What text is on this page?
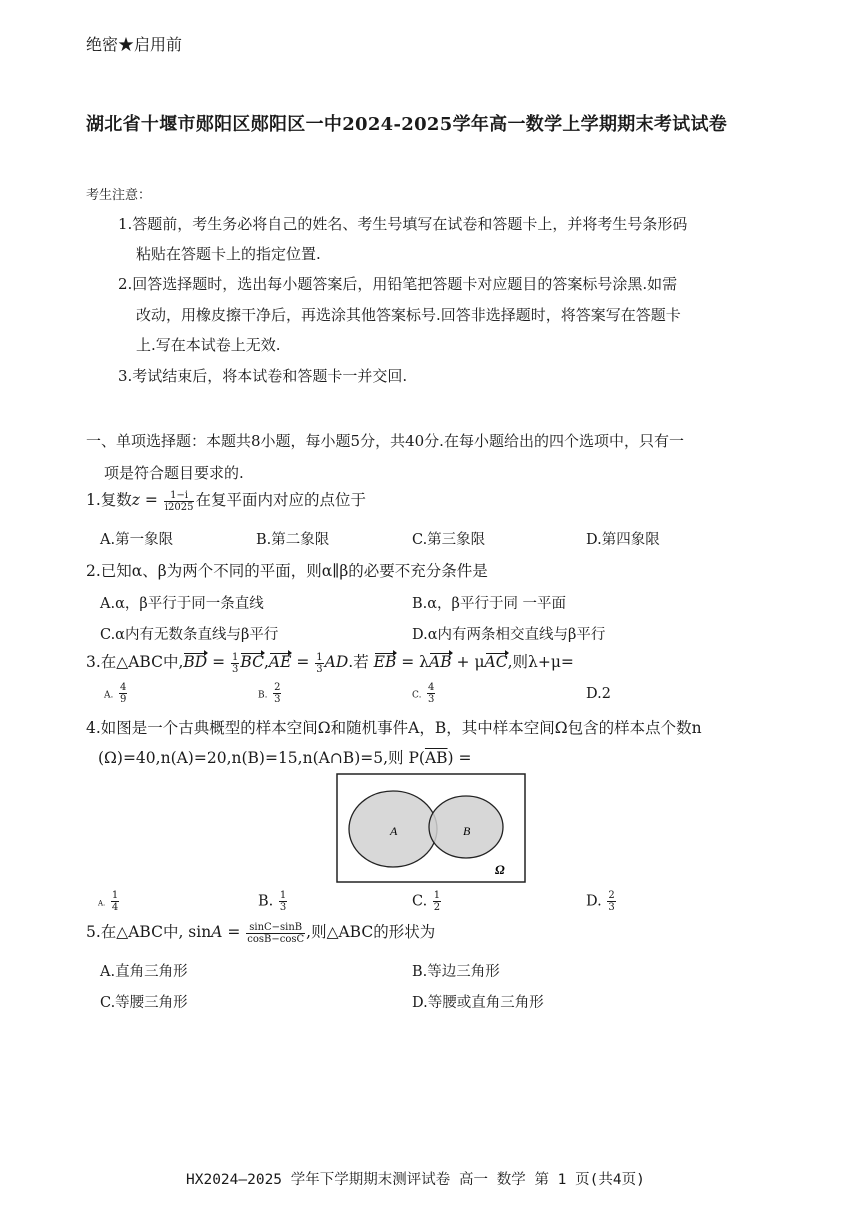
绝密★启用前
湖北省十堰市郧阳区郧阳区一中2024-2025学年高一数学上学期期末考试试卷
考生注意：
1.答题前，考生务必将自己的姓名、考生号填写在试卷和答题卡上，并将考生号条形码
粘贴在答题卡上的指定位置.
2.回答选择题时，选出每小题答案后，用铅笔把答题卡对应题目的答案标号涂黑.如需
改动，用橡皮擦干净后，再选涂其他答案标号.回答非选择题时，将答案写在答题卡
上.写在本试卷上无效.
3.考试结束后，将本试卷和答题卡一并交回.
一、单项选择题：本题共8小题，每小题5分，共40分.在每小题给出的四个选项中，只有一
项是符合题目要求的.
1.复数$z = \frac{1-i}{i2025}$ 在复平面内对应的点位于
A.第一象限	B.第二象限	C.第三象限	D.第四象限
2.已知α、β为两个不同的平面，则α∥β的必要不充分条件是
A.α，β平行于同一条直线	B.α，β平行于同 一平面
C.α内有无数条直线与β平行	D.α内有两条相交直线与β平行
3.在△ABC中$,BD = \frac{1}{3} BC,AE = \frac{1}{3}$ AD.若 EB = λAB + μAC,则λ+μ=
A. $\frac{4}{9}$	B. $\frac{2}{3}$	C. $\frac{4}{3}$	D.2
4.如图是一个古典概型的样本空间Ω和随机事件A，B，其中样本空间Ω包含的样本点个数n
(Ω)=40,n(A)=20,n(B)=15,n(A∩B)=5,则 $P(\overline{AB})$ =
A	B
Ω
A. $\frac{1}{4}$	B. $\frac{1}{3}$	C. $\frac{1}{2}$	D. $\frac{2}{3}$
5.在△ABC中, $\sin A = \frac{\sin C-\sin B}{\cos B-\cos C}$ ,则△ABC的形状为
A.直角三角形	B.等边三角形
C.等腰三角形	D.等腰或直角三角形
HX2024—2025 学年下学期期末测评试卷 高一 数学 第 1 页(共4页)
